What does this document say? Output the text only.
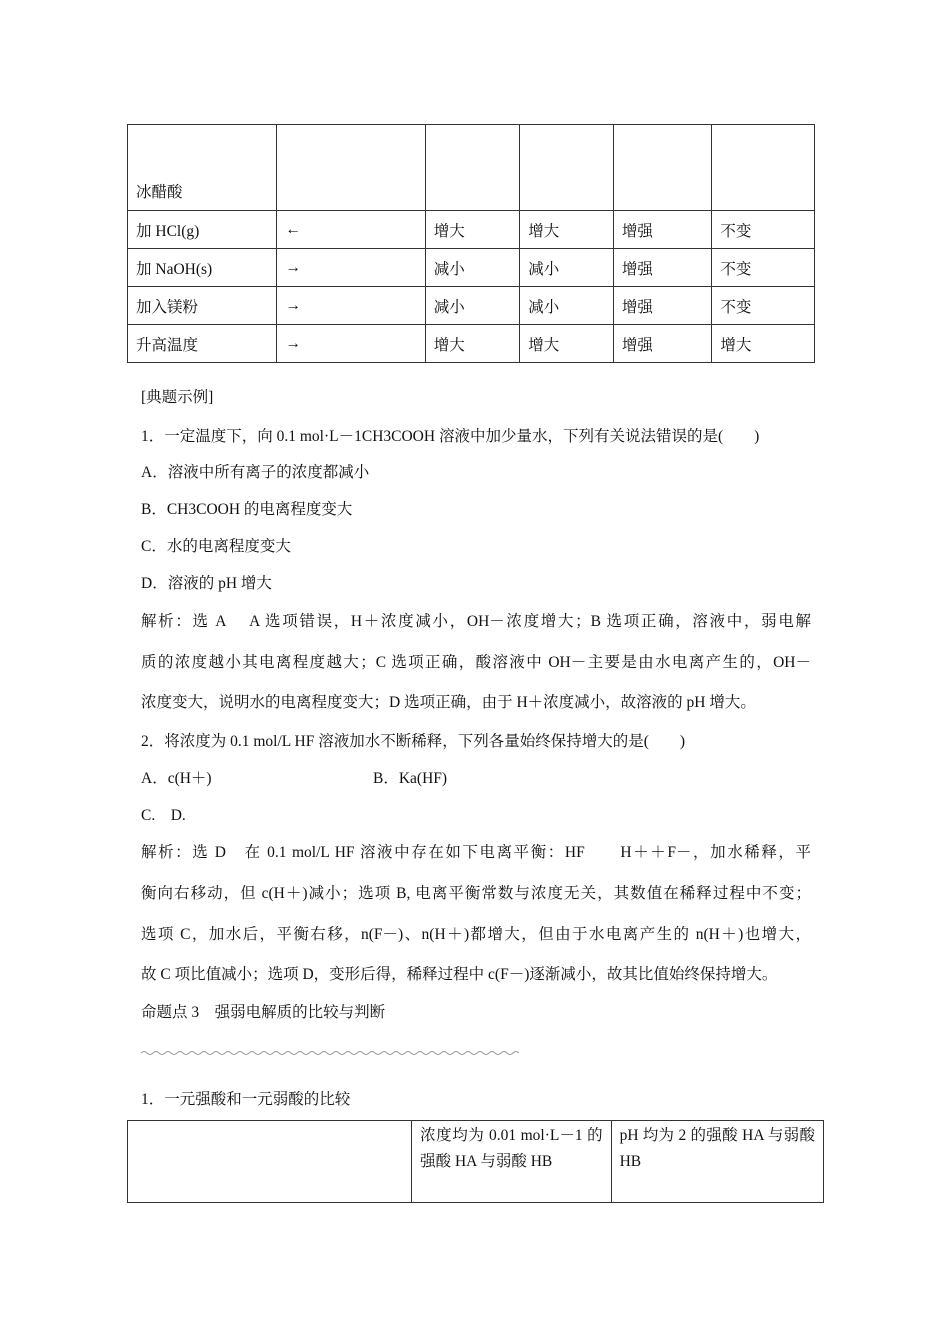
冰醋酸					
加 HCl(g)	←	增大	增大	增强	不变
加 NaOH(s)	→	减小	减小	增强	不变
加入镁粉	→	减小	减小	增强	不变
升高温度	→	增大	增大	增强	增大
[典题示例]
1．一定温度下，向 0.1 mol·L－1CH3COOH 溶液中加少量水，下列有关说法错误的是(　　)
A．溶液中所有离子的浓度都减小
B．CH3COOH 的电离程度变大
C．水的电离程度变大
D．溶液的 pH 增大
解析：选 A　 A 选项错误，H＋浓度减小，OH－浓度增大；B 选项正确，溶液中，弱电解
质的浓度越小其电离程度越大；C 选项正确，酸溶液中 OH－主要是由水电离产生的，OH－
浓度变大，说明水的电离程度变大；D 选项正确，由于 H＋浓度减小，故溶液的 pH 增大。
2．将浓度为 0.1 mol/L HF 溶液加水不断稀释，下列各量始终保持增大的是(　　)
A．c(H＋)	B．Ka(HF)
C.　D.
解析：选 D　在 0.1 mol/L HF 溶液中存在如下电离平衡：HF　　H＋＋F－，加水稀释，平
衡向右移动，但 c(H＋)减小；选项 B, 电离平衡常数与浓度无关，其数值在稀释过程中不变；
选项 C，加水后，平衡右移，n(F－)、n(H＋)都增大，但由于水电离产生的 n(H＋)也增大，
故 C 项比值减小；选项 D，变形后得，稀释过程中 c(F－)逐渐减小，故其比值始终保持增大。
命题点 3　强弱电解质的比较与判断
1．一元强酸和一元弱酸的比较
	浓度均为 0.01 mol·L－1 的强酸 HA 与弱酸 HB	pH 均为 2 的强酸 HA 与弱酸 HB
